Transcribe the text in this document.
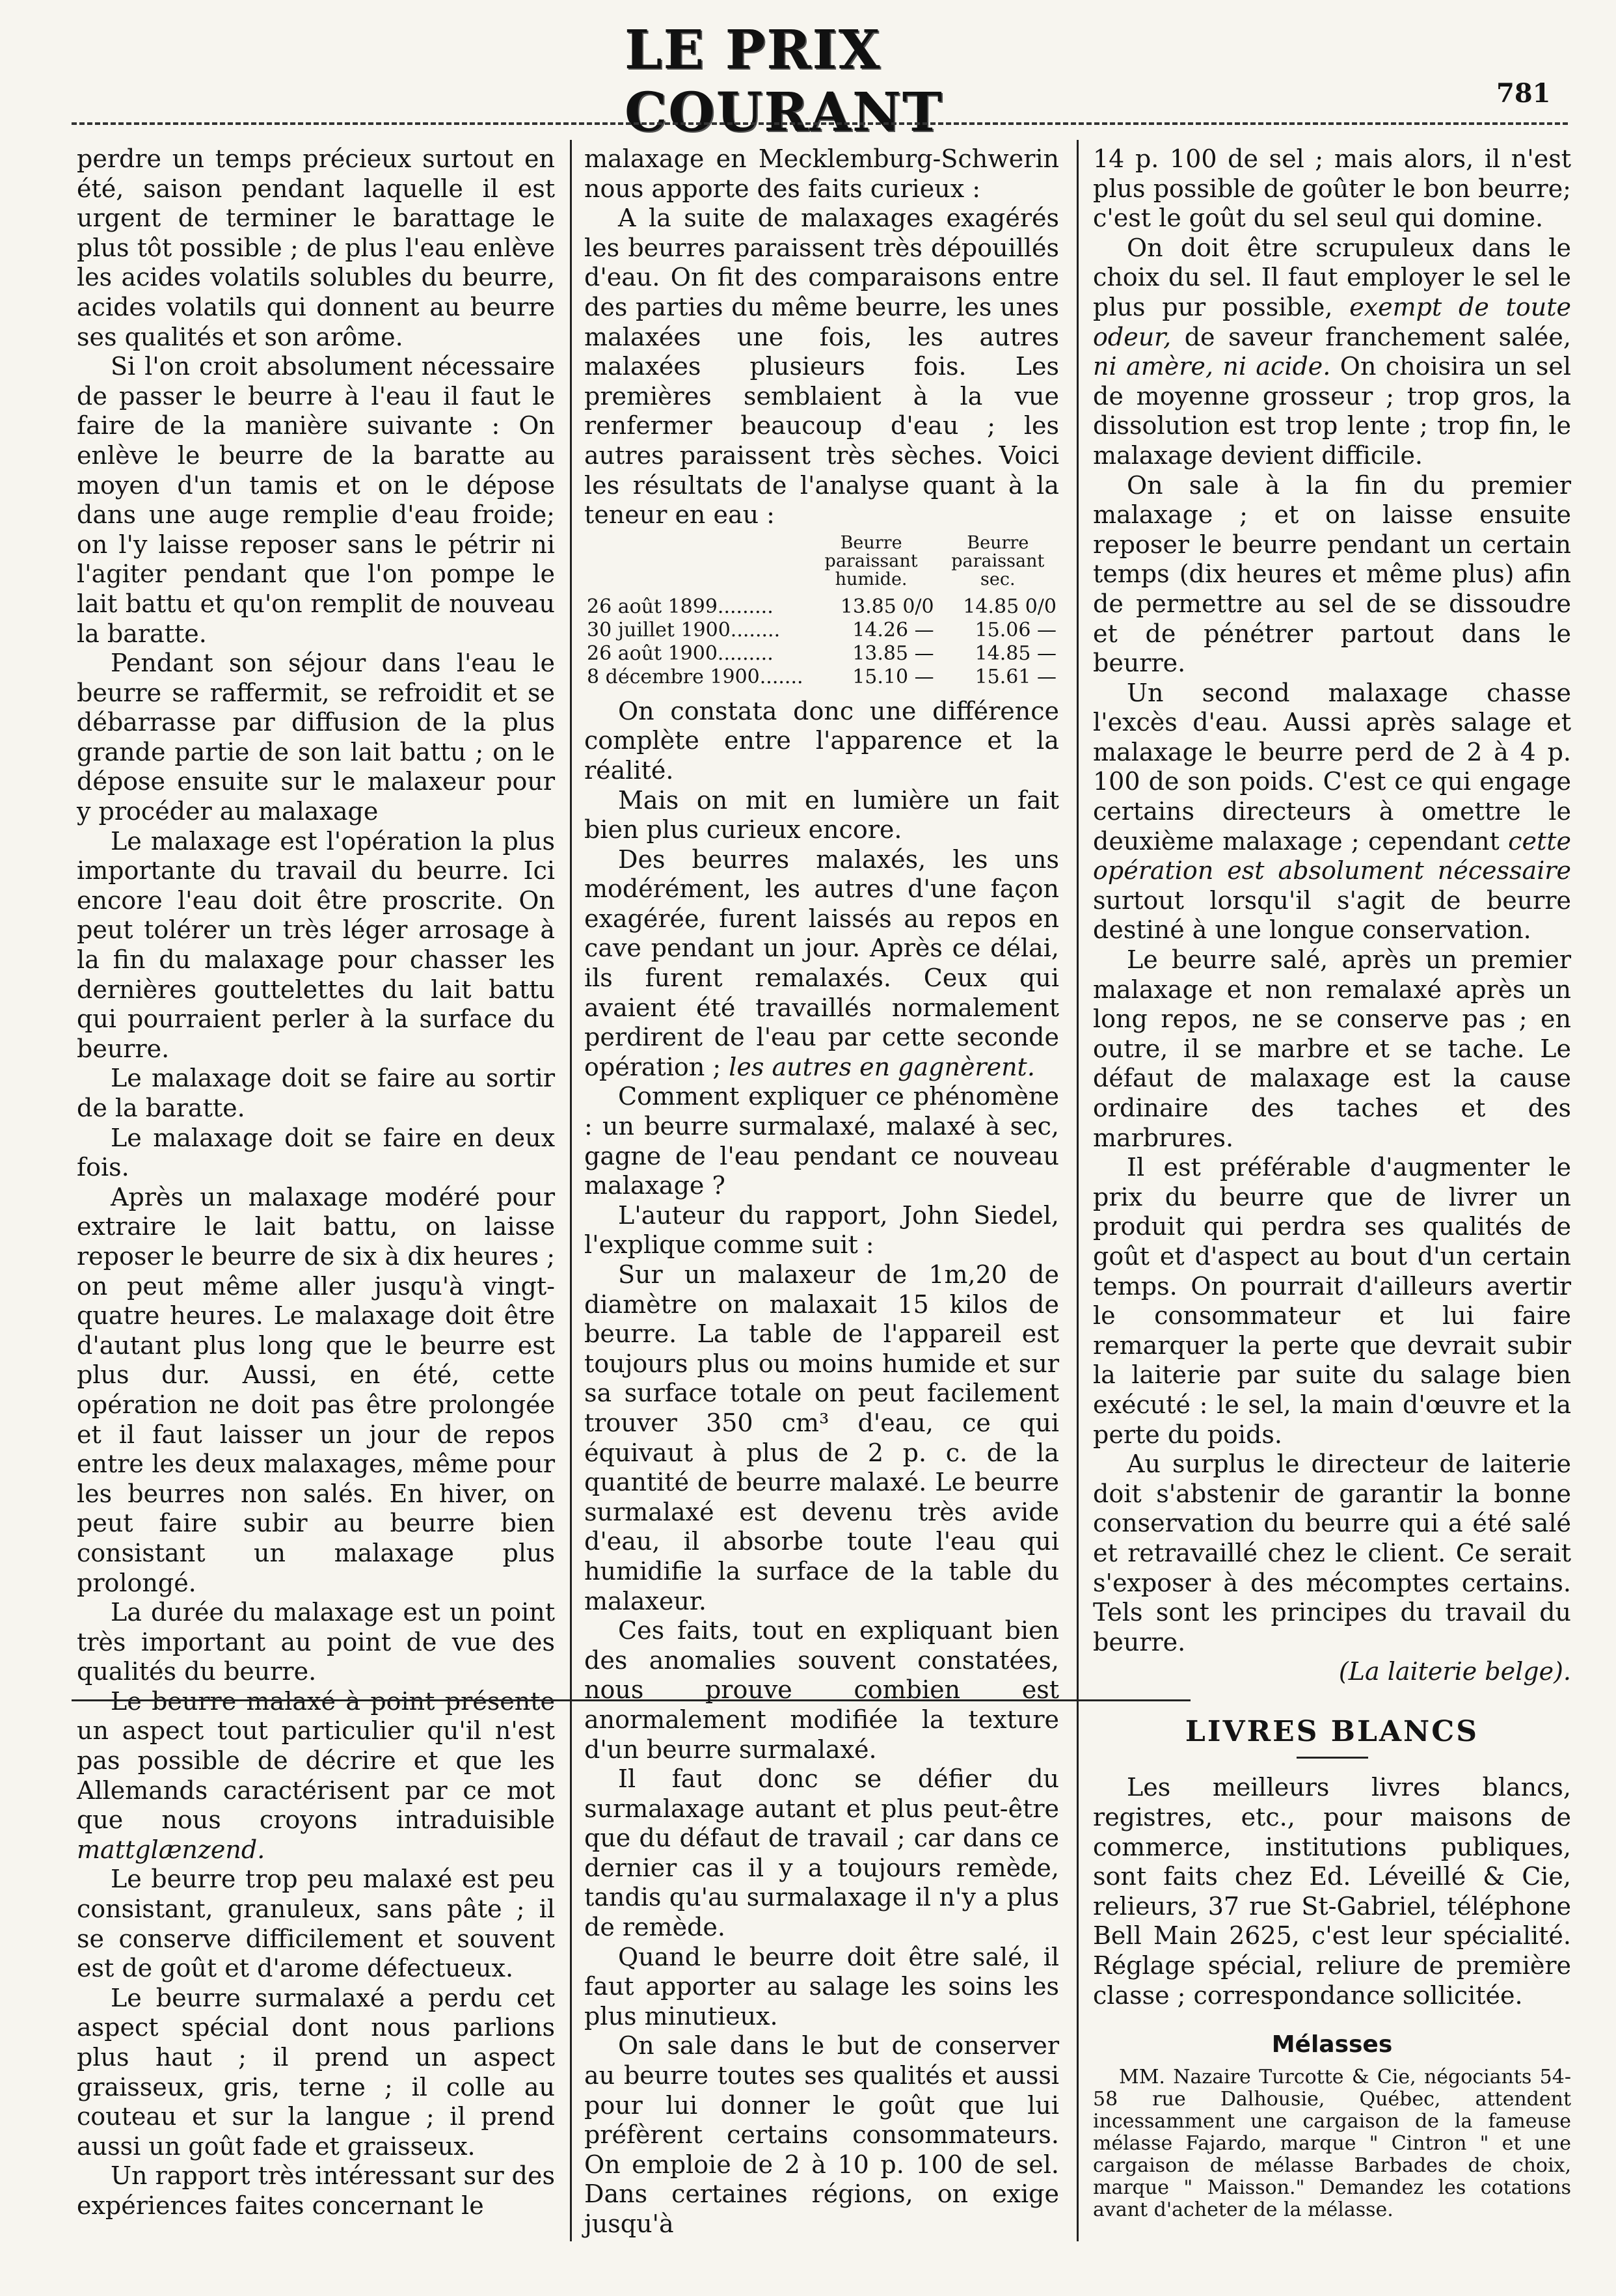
LE PRIX COURANT	781

perdre un temps précieux surtout en été, saison pendant laquelle il est urgent de terminer le barattage le plus tôt possible ; de plus l'eau enlève les acides volatils solubles du beurre, acides volatils qui donnent au beurre ses qualités et son arôme.

Si l'on croit absolument nécessaire de passer le beurre à l'eau il faut le faire de la manière suivante : On enlève le beurre de la baratte au moyen d'un tamis et on le dépose dans une auge remplie d'eau froide; on l'y laisse reposer sans le pétrir ni l'agiter pendant que l'on pompe le lait battu et qu'on remplit de nouveau la baratte.

Pendant son séjour dans l'eau le beurre se raffermit, se refroidit et se débarrasse par diffusion de la plus grande partie de son lait battu ; on le dépose ensuite sur le malaxeur pour y procéder au malaxage

Le malaxage est l'opération la plus importante du travail du beurre. Ici encore l'eau doit être proscrite. On peut tolérer un très léger arrosage à la fin du malaxage pour chasser les dernières gouttelettes du lait battu qui pourraient perler à la surface du beurre.

Le malaxage doit se faire au sortir de la baratte.

Le malaxage doit se faire en deux fois.

Après un malaxage modéré pour extraire le lait battu, on laisse reposer le beurre de six à dix heures ; on peut même aller jusqu'à vingt-quatre heures. Le malaxage doit être d'autant plus long que le beurre est plus dur. Aussi, en été, cette opération ne doit pas être prolongée et il faut laisser un jour de repos entre les deux malaxages, même pour les beurres non salés. En hiver, on peut faire subir au beurre bien consistant un malaxage plus prolongé.

La durée du malaxage est un point très important au point de vue des qualités du beurre.

Le beurre malaxé à point présente un aspect tout particulier qu'il n'est pas possible de décrire et que les Allemands caractérisent par ce mot que nous croyons intraduisible mattglænzend.

Le beurre trop peu malaxé est peu consistant, granuleux, sans pâte ; il se conserve difficilement et souvent est de goût et d'arome défectueux.

Le beurre surmalaxé a perdu cet aspect spécial dont nous parlions plus haut ; il prend un aspect graisseux, gris, terne ; il colle au couteau et sur la langue ; il prend aussi un goût fade et graisseux.

Un rapport très intéressant sur des expériences faites concernant le

malaxage en Mecklemburg-Schwerin nous apporte des faits curieux :

A la suite de malaxages exagérés les beurres paraissent très dépouillés d'eau. On fit des comparaisons entre des parties du même beurre, les unes malaxées une fois, les autres malaxées plusieurs fois. Les premières semblaient à la vue renfermer beaucoup d'eau ; les autres paraissent très sèches. Voici les résultats de l'analyse quant à la teneur en eau :

	Beurre paraissant humide.	Beurre paraissant sec.
26 août 1899.........	13.85 0/0	14.85 0/0
30 juillet 1900........	14.26 —	15.06 —
26 août 1900.........	13.85 —	14.85 —
8 décembre 1900.......	15.10 —	15.61 —

On constata donc une différence complète entre l'apparence et la réalité.

Mais on mit en lumière un fait bien plus curieux encore.

Des beurres malaxés, les uns modérément, les autres d'une façon exagérée, furent laissés au repos en cave pendant un jour. Après ce délai, ils furent remalaxés. Ceux qui avaient été travaillés normalement perdirent de l'eau par cette seconde opération ; les autres en gagnèrent.

Comment expliquer ce phénomène : un beurre surmalaxé, malaxé à sec, gagne de l'eau pendant ce nouveau malaxage ?

L'auteur du rapport, John Siedel, l'explique comme suit :

Sur un malaxeur de 1m,20 de diamètre on malaxait 15 kilos de beurre. La table de l'appareil est toujours plus ou moins humide et sur sa surface totale on peut facilement trouver 350 cm³ d'eau, ce qui équivaut à plus de 2 p. c. de la quantité de beurre malaxé. Le beurre surmalaxé est devenu très avide d'eau, il absorbe toute l'eau qui humidifie la surface de la table du malaxeur.

Ces faits, tout en expliquant bien des anomalies souvent constatées, nous prouve combien est anormalement modifiée la texture d'un beurre surmalaxé.

Il faut donc se défier du surmalaxage autant et plus peut-être que du défaut de travail ; car dans ce dernier cas il y a toujours remède, tandis qu'au surmalaxage il n'y a plus de remède.

Quand le beurre doit être salé, il faut apporter au salage les soins les plus minutieux.

On sale dans le but de conserver au beurre toutes ses qualités et aussi pour lui donner le goût que lui préfèrent certains consommateurs. On emploie de 2 à 10 p. 100 de sel. Dans certaines régions, on exige jusqu'à

14 p. 100 de sel ; mais alors, il n'est plus possible de goûter le bon beurre; c'est le goût du sel seul qui domine.

On doit être scrupuleux dans le choix du sel. Il faut employer le sel le plus pur possible, exempt de toute odeur, de saveur franchement salée, ni amère, ni acide. On choisira un sel de moyenne grosseur ; trop gros, la dissolution est trop lente ; trop fin, le malaxage devient difficile.

On sale à la fin du premier malaxage ; et on laisse ensuite reposer le beurre pendant un certain temps (dix heures et même plus) afin de permettre au sel de se dissoudre et de pénétrer partout dans le beurre.

Un second malaxage chasse l'excès d'eau. Aussi après salage et malaxage le beurre perd de 2 à 4 p. 100 de son poids. C'est ce qui engage certains directeurs à omettre le deuxième malaxage ; cependant cette opération est absolument nécessaire surtout lorsqu'il s'agit de beurre destiné à une longue conservation.

Le beurre salé, après un premier malaxage et non remalaxé après un long repos, ne se conserve pas ; en outre, il se marbre et se tache. Le défaut de malaxage est la cause ordinaire des taches et des marbrures.

Il est préférable d'augmenter le prix du beurre que de livrer un produit qui perdra ses qualités de goût et d'aspect au bout d'un certain temps. On pourrait d'ailleurs avertir le consommateur et lui faire remarquer la perte que devrait subir la laiterie par suite du salage bien exécuté : le sel, la main d'œuvre et la perte du poids.

Au surplus le directeur de laiterie doit s'abstenir de garantir la bonne conservation du beurre qui a été salé et retravaillé chez le client. Ce serait s'exposer à des mécomptes certains. Tels sont les principes du travail du beurre.

(La laiterie belge).
LIVRES BLANCS

Les meilleurs livres blancs, registres, etc., pour maisons de commerce, institutions publiques, sont faits chez Ed. Léveillé & Cie, relieurs, 37 rue St-Gabriel, téléphone Bell Main 2625, c'est leur spécialité. Réglage spécial, reliure de première classe ; correspondance sollicitée.

Mélasses

MM. Nazaire Turcotte & Cie, négociants 54-58 rue Dalhousie, Québec, attendent incessamment une cargaison de la fameuse mélasse Fajardo, marque " Cintron " et une cargaison de mélasse Barbades de choix, marque " Maisson." Demandez les cotations avant d'acheter de la mélasse.
